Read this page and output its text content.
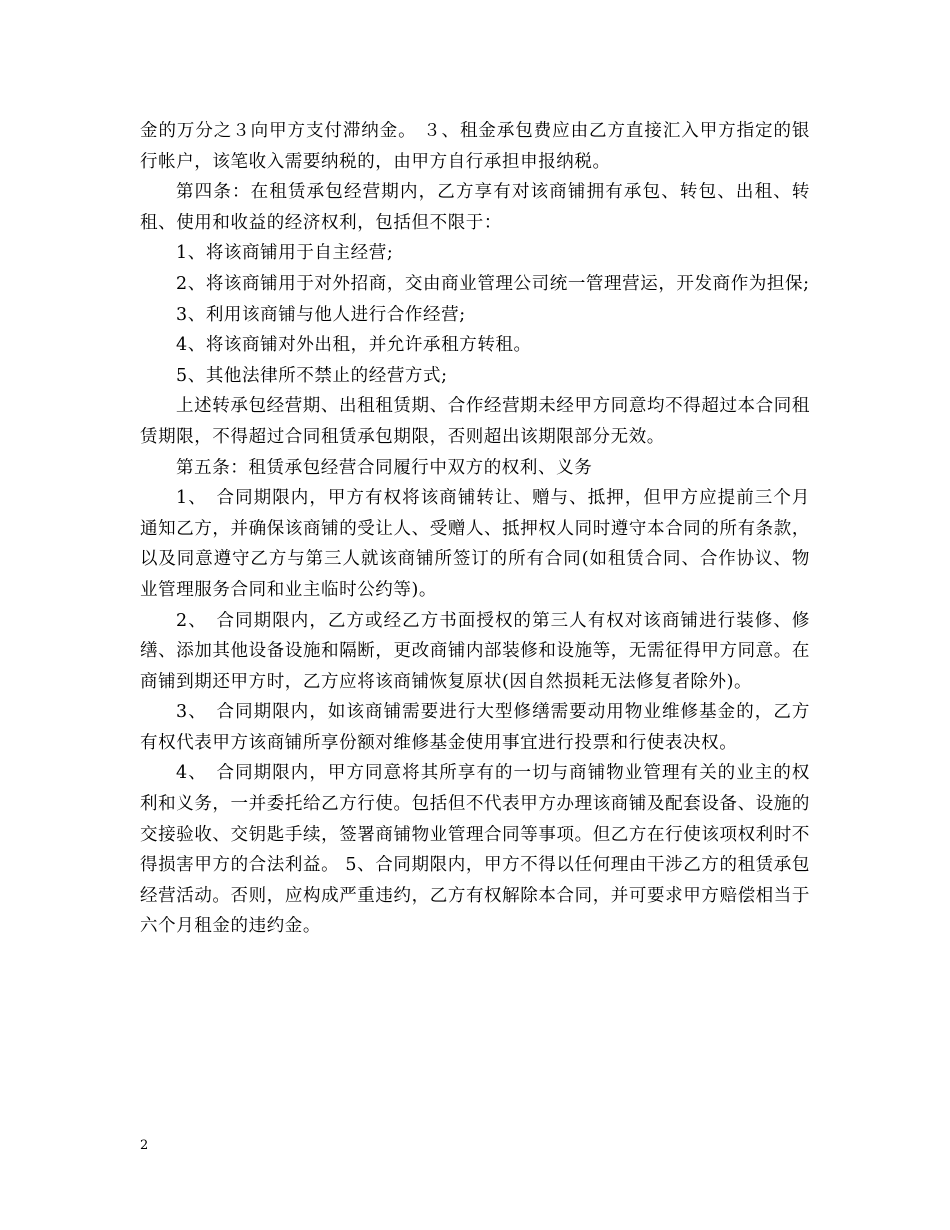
金的万分之３向甲方支付滞纳金。 ３、租金承包费应由乙方直接汇入甲方指定的银行帐户，该笔收入需要纳税的，由甲方自行承担申报纳税。

第四条：在租赁承包经营期内，乙方享有对该商铺拥有承包、转包、出租、转租、使用和收益的经济权利，包括但不限于：

1、将该商铺用于自主经营;

2、将该商铺用于对外招商，交由商业管理公司统一管理营运，开发商作为担保;

3、利用该商铺与他人进行合作经营;

4、将该商铺对外出租，并允许承租方转租。

5、其他法律所不禁止的经营方式;

上述转承包经营期、出租租赁期、合作经营期未经甲方同意均不得超过本合同租赁期限，不得超过合同租赁承包期限，否则超出该期限部分无效。

第五条：租赁承包经营合同履行中双方的权利、义务

1、　合同期限内，甲方有权将该商铺转让、赠与、抵押，但甲方应提前三个月通知乙方，并确保该商铺的受让人、受赠人、抵押权人同时遵守本合同的所有条款，以及同意遵守乙方与第三人就该商铺所签订的所有合同(如租赁合同、合作协议、物业管理服务合同和业主临时公约等)。

2、　合同期限内，乙方或经乙方书面授权的第三人有权对该商铺进行装修、修缮、添加其他设备设施和隔断，更改商铺内部装修和设施等，无需征得甲方同意。在商铺到期还甲方时，乙方应将该商铺恢复原状(因自然损耗无法修复者除外)。

3、　合同期限内，如该商铺需要进行大型修缮需要动用物业维修基金的，乙方有权代表甲方该商铺所享份额对维修基金使用事宜进行投票和行使表决权。

4、　合同期限内，甲方同意将其所享有的一切与商铺物业管理有关的业主的权利和义务，一并委托给乙方行使。包括但不代表甲方办理该商铺及配套设备、设施的交接验收、交钥匙手续，签署商铺物业管理合同等事项。但乙方在行使该项权利时不得损害甲方的合法利益。 5、合同期限内，甲方不得以任何理由干涉乙方的租赁承包经营活动。否则，应构成严重违约，乙方有权解除本合同，并可要求甲方赔偿相当于六个月租金的违约金。

2
